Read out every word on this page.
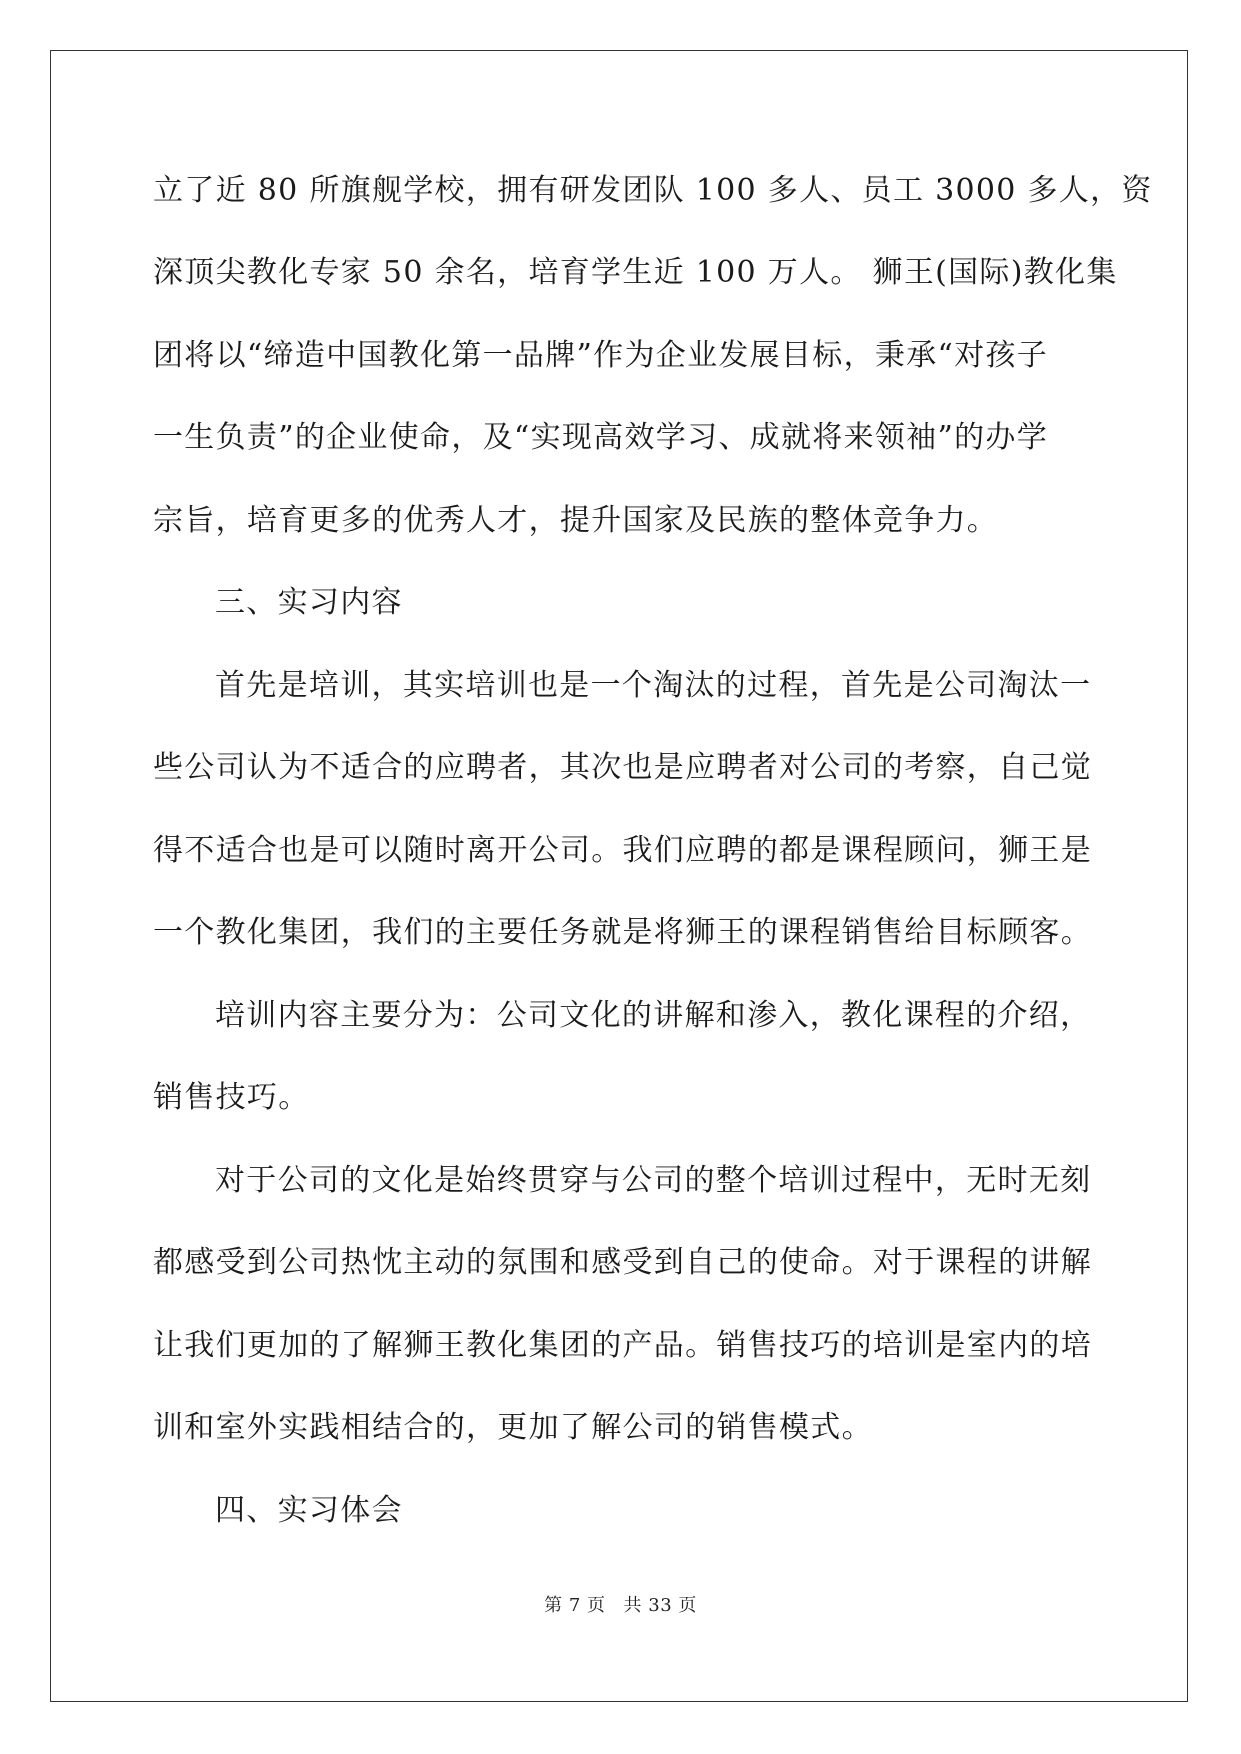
立了近 80 所旗舰学校，拥有研发团队 100 多人、员工 3000 多人，资
深顶尖教化专家 50 余名，培育学生近 100 万人。 狮王(国际)教化集
团将以“缔造中国教化第一品牌”作为企业发展目标，秉承“对孩子
一生负责”的企业使命，及“实现高效学习、成就将来领袖”的办学
宗旨，培育更多的优秀人才，提升国家及民族的整体竞争力。
三、实习内容
首先是培训，其实培训也是一个淘汰的过程，首先是公司淘汰一
些公司认为不适合的应聘者，其次也是应聘者对公司的考察，自己觉
得不适合也是可以随时离开公司。我们应聘的都是课程顾问，狮王是
一个教化集团，我们的主要任务就是将狮王的课程销售给目标顾客。
培训内容主要分为：公司文化的讲解和渗入，教化课程的介绍，
销售技巧。
对于公司的文化是始终贯穿与公司的整个培训过程中，无时无刻
都感受到公司热忱主动的氛围和感受到自己的使命。对于课程的讲解
让我们更加的了解狮王教化集团的产品。销售技巧的培训是室内的培
训和室外实践相结合的，更加了解公司的销售模式。
四、实习体会
第 7 页 共 33 页
